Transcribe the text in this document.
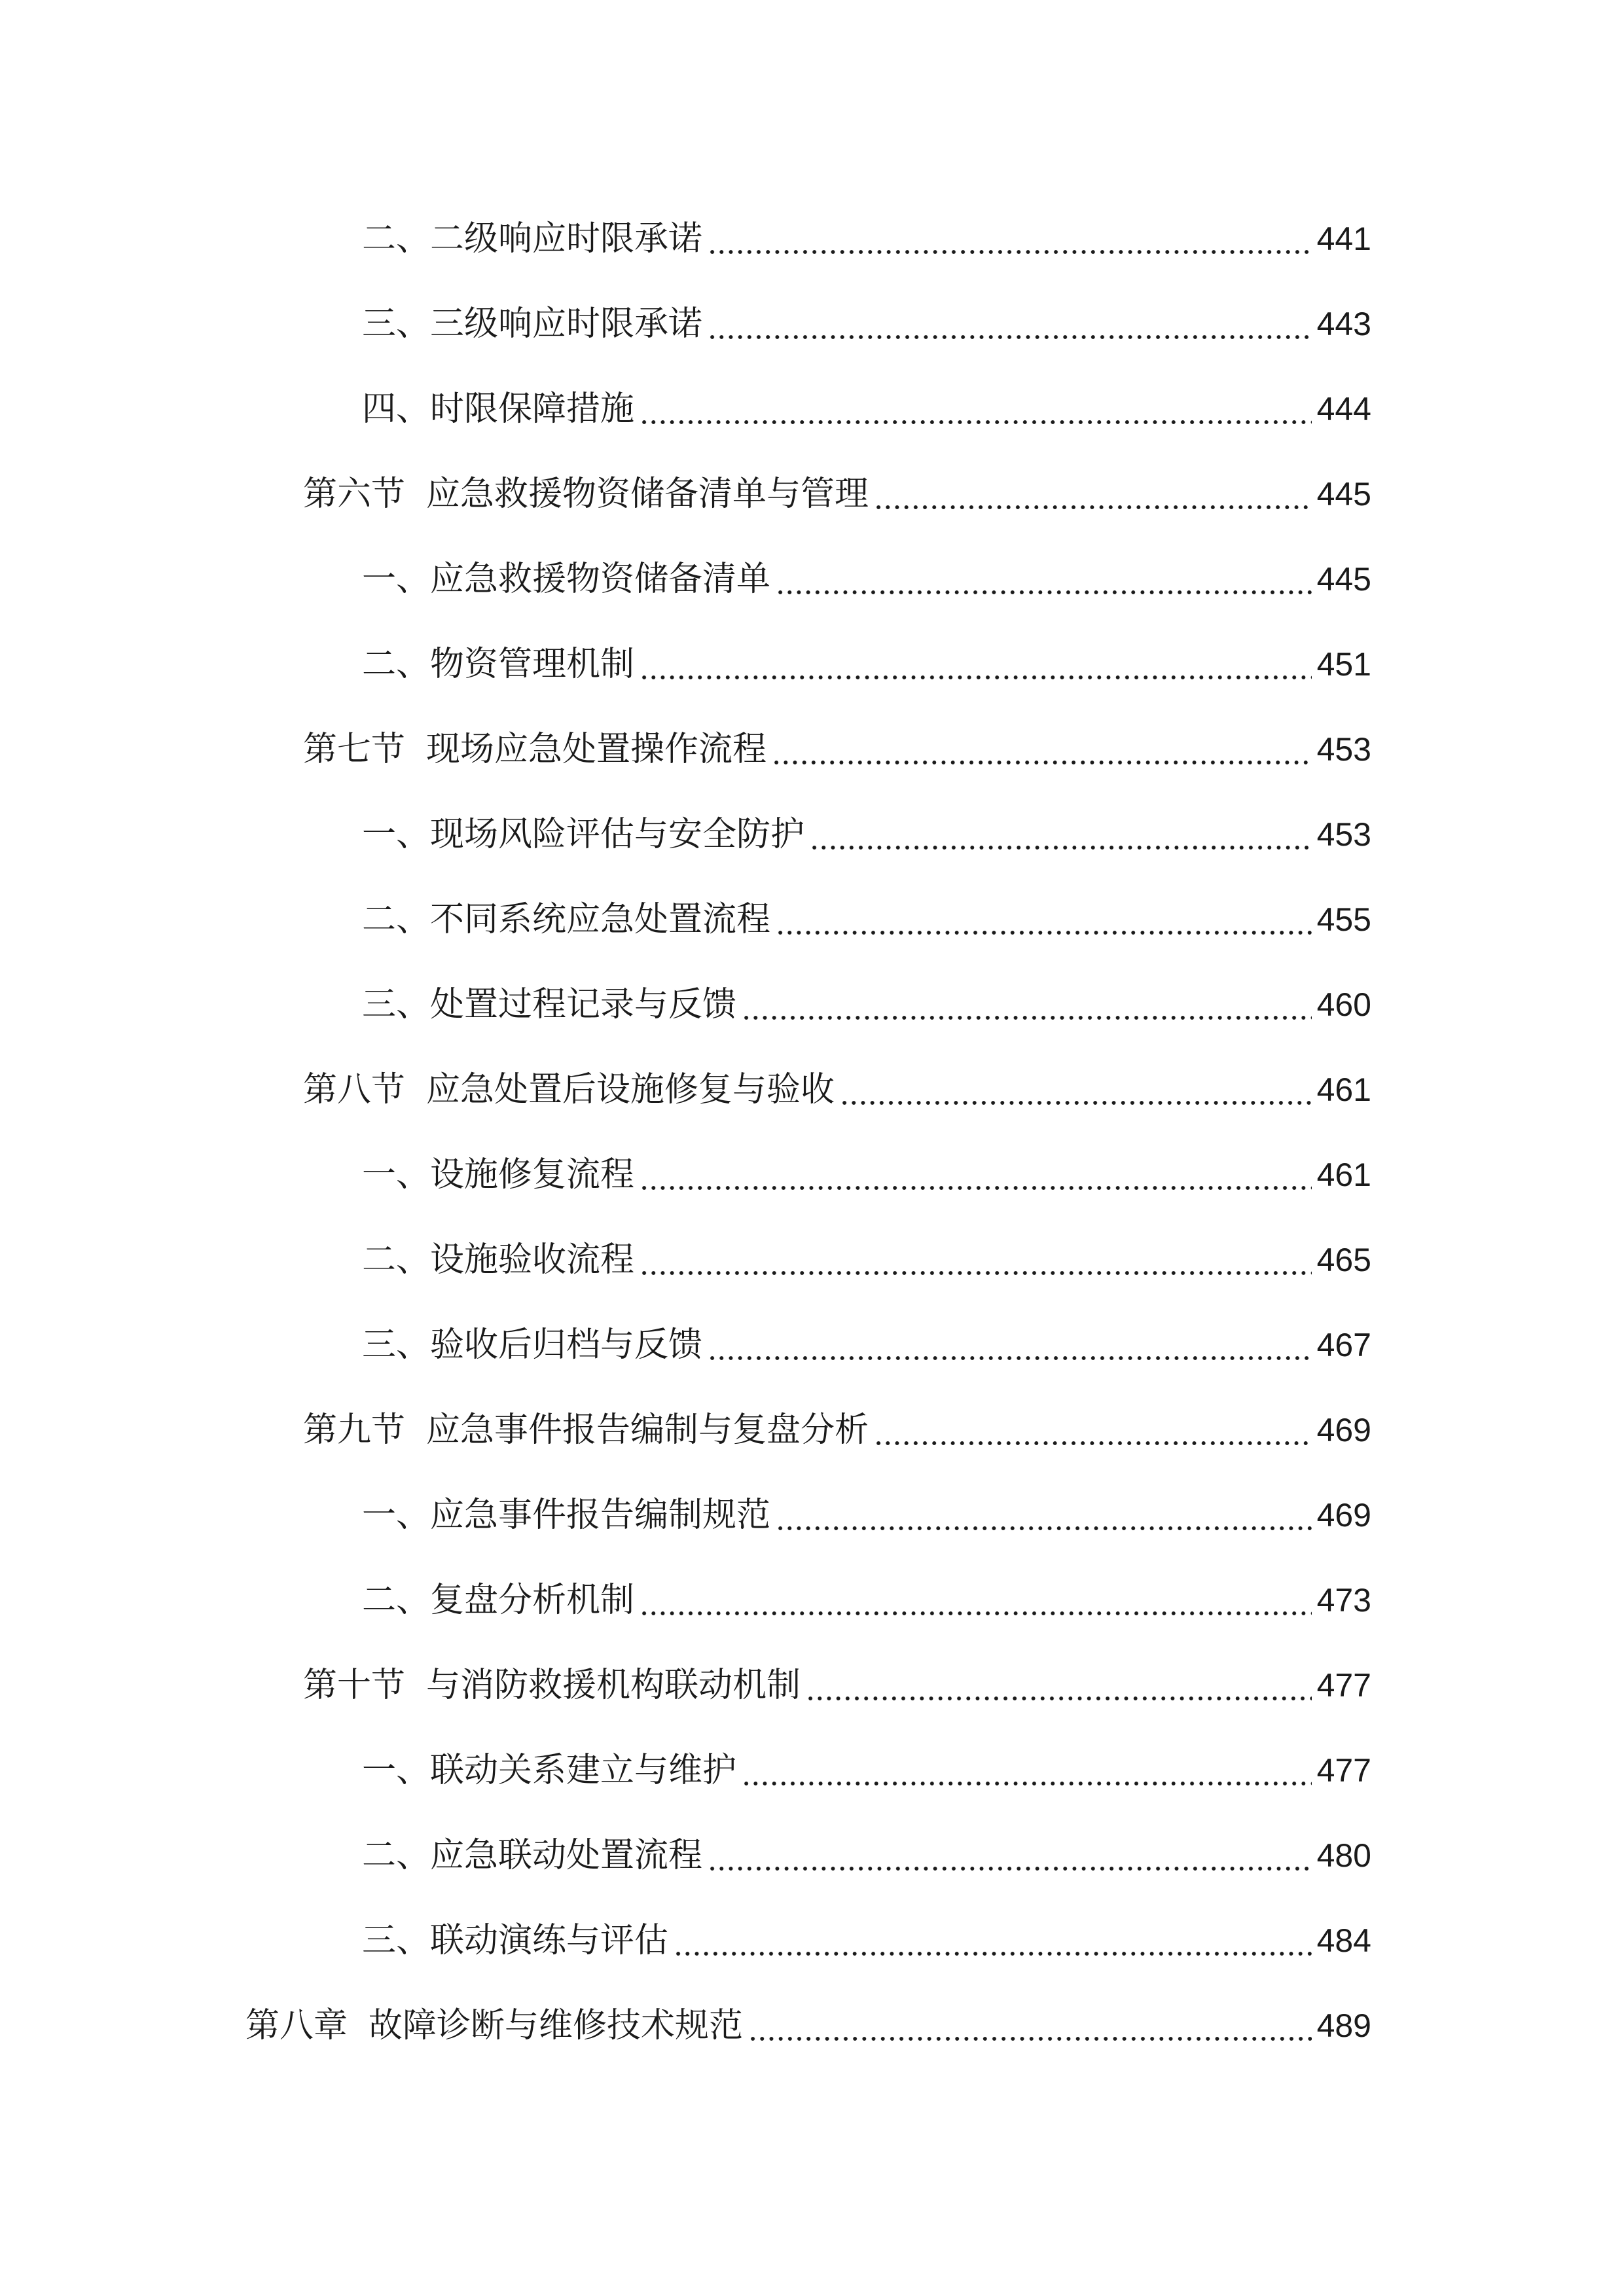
二、二级响应时限承诺	441
三、三级响应时限承诺	443
四、时限保障措施	444
第六节 应急救援物资储备清单与管理	445
一、应急救援物资储备清单	445
二、物资管理机制	451
第七节 现场应急处置操作流程	453
一、现场风险评估与安全防护	453
二、不同系统应急处置流程	455
三、处置过程记录与反馈	460
第八节 应急处置后设施修复与验收	461
一、设施修复流程	461
二、设施验收流程	465
三、验收后归档与反馈	467
第九节 应急事件报告编制与复盘分析	469
一、应急事件报告编制规范	469
二、复盘分析机制	473
第十节 与消防救援机构联动机制	477
一、联动关系建立与维护	477
二、应急联动处置流程	480
三、联动演练与评估	484
第八章 故障诊断与维修技术规范	489
